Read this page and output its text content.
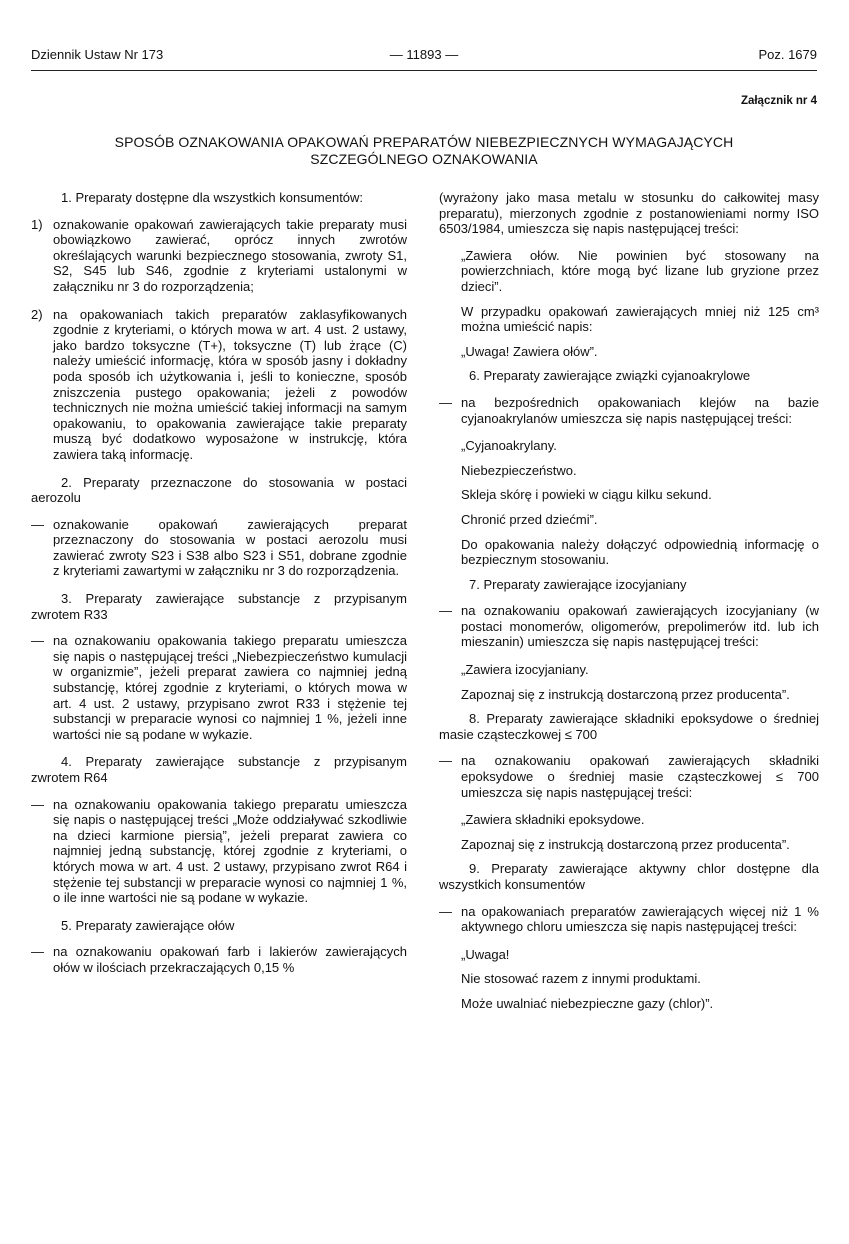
Dziennik Ustaw Nr 173	— 11893 —	Poz. 1679
Załącznik nr 4
SPOSÓB OZNAKOWANIA OPAKOWAŃ PREPARATÓW NIEBEZPIECZNYCH WYMAGAJĄCYCH
SZCZEGÓLNEGO OZNAKOWANIA

1. Preparaty dostępne dla wszystkich konsumentów:

1) oznakowanie opakowań zawierających takie preparaty musi obowiązkowo zawierać, oprócz innych zwrotów określających warunki bezpiecznego stosowania, zwroty S1, S2, S45 lub S46, zgodnie z kryteriami ustalonymi w załączniku nr 3 do rozporządzenia;
2) na opakowaniach takich preparatów zaklasyfikowanych zgodnie z kryteriami, o których mowa w art. 4 ust. 2 ustawy, jako bardzo toksyczne (T+), toksyczne (T) lub żrące (C) należy umieścić informację, która w sposób jasny i dokładny poda sposób ich użytkowania i, jeśli to konieczne, sposób zniszczenia pustego opakowania; jeżeli z powodów technicznych nie można umieścić takiej informacji na samym opakowaniu, to opakowania zawierające takie preparaty muszą być dodatkowo wyposażone w instrukcję, która zawiera taką informację.

2. Preparaty przeznaczone do stosowania w postaci aerozolu

— oznakowanie opakowań zawierających preparat przeznaczony do stosowania w postaci aerozolu musi zawierać zwroty S23 i S38 albo S23 i S51, dobrane zgodnie z kryteriami zawartymi w załączniku nr 3 do rozporządzenia.

3. Preparaty zawierające substancje z przypisanym zwrotem R33

— na oznakowaniu opakowania takiego preparatu umieszcza się napis o następującej treści „Niebezpieczeństwo kumulacji w organizmie”, jeżeli preparat zawiera co najmniej jedną substancję, której zgodnie z kryteriami, o których mowa w art. 4 ust. 2 ustawy, przypisano zwrot R33 i stężenie tej substancji w preparacie wynosi co najmniej 1 %, jeżeli inne wartości nie są podane w wykazie.

4. Preparaty zawierające substancje z przypisanym zwrotem R64

— na oznakowaniu opakowania takiego preparatu umieszcza się napis o następującej treści „Może oddziaływać szkodliwie na dzieci karmione piersią”, jeżeli preparat zawiera co najmniej jedną substancję, której zgodnie z kryteriami, o których mowa w art. 4 ust. 2 ustawy, przypisano zwrot R64 i stężenie tej substancji w preparacie wynosi co najmniej 1 %, o ile inne wartości nie są podane w wykazie.

5. Preparaty zawierające ołów

— na oznakowaniu opakowań farb i lakierów zawierających ołów w ilościach przekraczających 0,15 %

(wyrażony jako masa metalu w stosunku do całkowitej masy preparatu), mierzonych zgodnie z postanowieniami normy ISO 6503/1984, umieszcza się napis następującej treści:

„Zawiera ołów. Nie powinien być stosowany na powierzchniach, które mogą być lizane lub gryzione przez dzieci”.

W przypadku opakowań zawierających mniej niż 125 cm³ można umieścić napis:

„Uwaga! Zawiera ołów”.

6. Preparaty zawierające związki cyjanoakrylowe

— na bezpośrednich opakowaniach klejów na bazie cyjanoakrylanów umieszcza się napis następującej treści:

„Cyjanoakrylany.

Niebezpieczeństwo.

Skleja skórę i powieki w ciągu kilku sekund.

Chronić przed dziećmi”.

Do opakowania należy dołączyć odpowiednią informację o bezpiecznym stosowaniu.

7. Preparaty zawierające izocyjaniany

— na oznakowaniu opakowań zawierających izocyjaniany (w postaci monomerów, oligomerów, prepolimerów itd. lub ich mieszanin) umieszcza się napis następującej treści:

„Zawiera izocyjaniany.

Zapoznaj się z instrukcją dostarczoną przez producenta”.

8. Preparaty zawierające składniki epoksydowe o średniej masie cząsteczkowej ≤ 700

— na oznakowaniu opakowań zawierających składniki epoksydowe o średniej masie cząsteczkowej ≤ 700 umieszcza się napis następującej treści:

„Zawiera składniki epoksydowe.

Zapoznaj się z instrukcją dostarczoną przez producenta”.

9. Preparaty zawierające aktywny chlor dostępne dla wszystkich konsumentów

— na opakowaniach preparatów zawierających więcej niż 1 % aktywnego chloru umieszcza się napis następującej treści:

„Uwaga!

Nie stosować razem z innymi produktami.

Może uwalniać niebezpieczne gazy (chlor)”.
